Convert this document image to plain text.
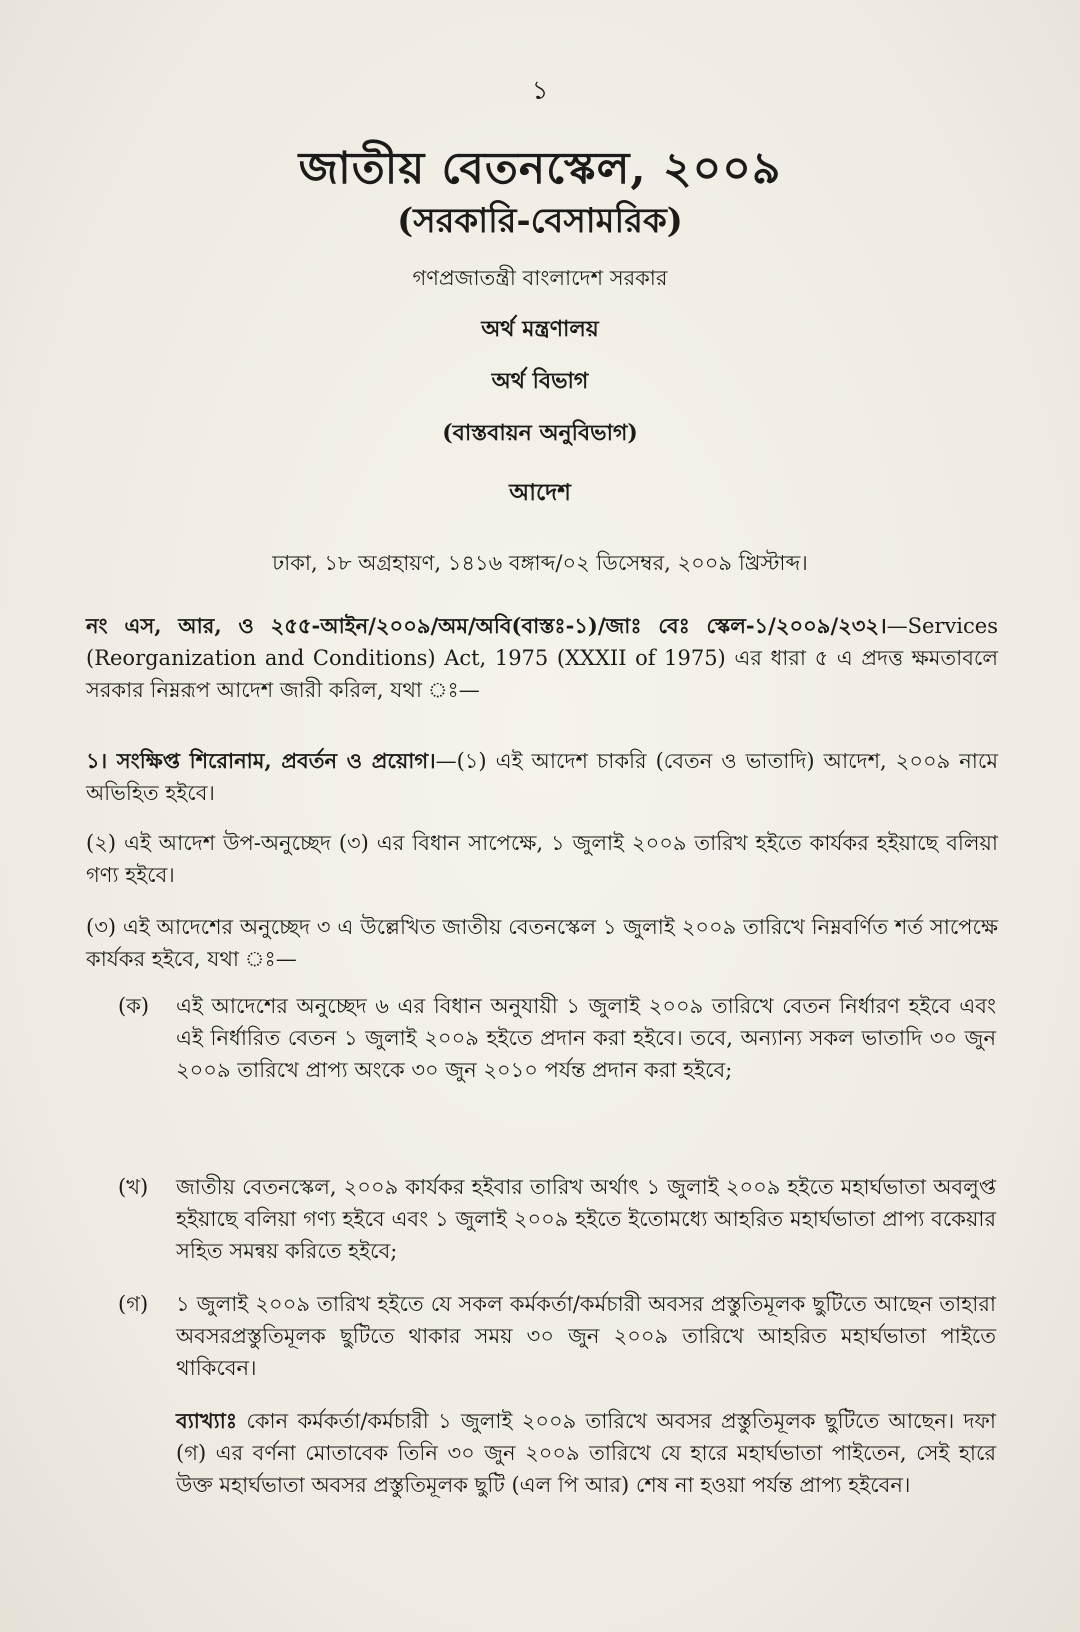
১
জাতীয় বেতনস্কেল, ২০০৯
(সরকারি-বেসামরিক)
গণপ্রজাতন্ত্রী বাংলাদেশ সরকার
অর্থ মন্ত্রণালয়
অর্থ বিভাগ
(বাস্তবায়ন অনুবিভাগ)
আদেশ
ঢাকা, ১৮ অগ্রহায়ণ, ১৪১৬ বঙ্গাব্দ/০২ ডিসেম্বর, ২০০৯ খ্রিস্টাব্দ।
নং এস, আর, ও ২৫৫-আইন/২০০৯/অম/অবি(বাস্তঃ-১)/জাঃ বেঃ স্কেল-১/২০০৯/২৩২।—Services (Reorganization and Conditions) Act, 1975 (XXXII of 1975) এর ধারা ৫ এ প্রদত্ত ক্ষমতাবলে সরকার নিম্নরূপ আদেশ জারী করিল, যথা ঃ—
১। সংক্ষিপ্ত শিরোনাম, প্রবর্তন ও প্রয়োগ।—(১) এই আদেশ চাকরি (বেতন ও ভাতাদি) আদেশ, ২০০৯ নামে অভিহিত হইবে।
(২) এই আদেশ উপ-অনুচ্ছেদ (৩) এর বিধান সাপেক্ষে, ১ জুলাই ২০০৯ তারিখ হইতে কার্যকর হইয়াছে বলিয়া গণ্য হইবে।
(৩) এই আদেশের অনুচ্ছেদ ৩ এ উল্লেখিত জাতীয় বেতনস্কেল ১ জুলাই ২০০৯ তারিখে নিম্নবর্ণিত শর্ত সাপেক্ষে কার্যকর হইবে, যথা ঃ—
(ক) এই আদেশের অনুচ্ছেদ ৬ এর বিধান অনুযায়ী ১ জুলাই ২০০৯ তারিখে বেতন নির্ধারণ হইবে এবং এই নির্ধারিত বেতন ১ জুলাই ২০০৯ হইতে প্রদান করা হইবে। তবে, অন্যান্য সকল ভাতাদি ৩০ জুন ২০০৯ তারিখে প্রাপ্য অংকে ৩০ জুন ২০১০ পর্যন্ত প্রদান করা হইবে;
(খ) জাতীয় বেতনস্কেল, ২০০৯ কার্যকর হইবার তারিখ অর্থাৎ ১ জুলাই ২০০৯ হইতে মহার্ঘভাতা অবলুপ্ত হইয়াছে বলিয়া গণ্য হইবে এবং ১ জুলাই ২০০৯ হইতে ইতোমধ্যে আহরিত মহার্ঘভাতা প্রাপ্য বকেয়ার সহিত সমন্বয় করিতে হইবে;
(গ) ১ জুলাই ২০০৯ তারিখ হইতে যে সকল কর্মকর্তা/কর্মচারী অবসর প্রস্তুতিমূলক ছুটিতে আছেন তাহারা অবসরপ্রস্তুতিমূলক ছুটিতে থাকার সময় ৩০ জুন ২০০৯ তারিখে আহরিত মহার্ঘভাতা পাইতে থাকিবেন।
ব্যাখ্যাঃ কোন কর্মকর্তা/কর্মচারী ১ জুলাই ২০০৯ তারিখে অবসর প্রস্তুতিমূলক ছুটিতে আছেন। দফা (গ) এর বর্ণনা মোতাবেক তিনি ৩০ জুন ২০০৯ তারিখে যে হারে মহার্ঘভাতা পাইতেন, সেই হারে উক্ত মহার্ঘভাতা অবসর প্রস্তুতিমূলক ছুটি (এল পি আর) শেষ না হওয়া পর্যন্ত প্রাপ্য হইবেন।
